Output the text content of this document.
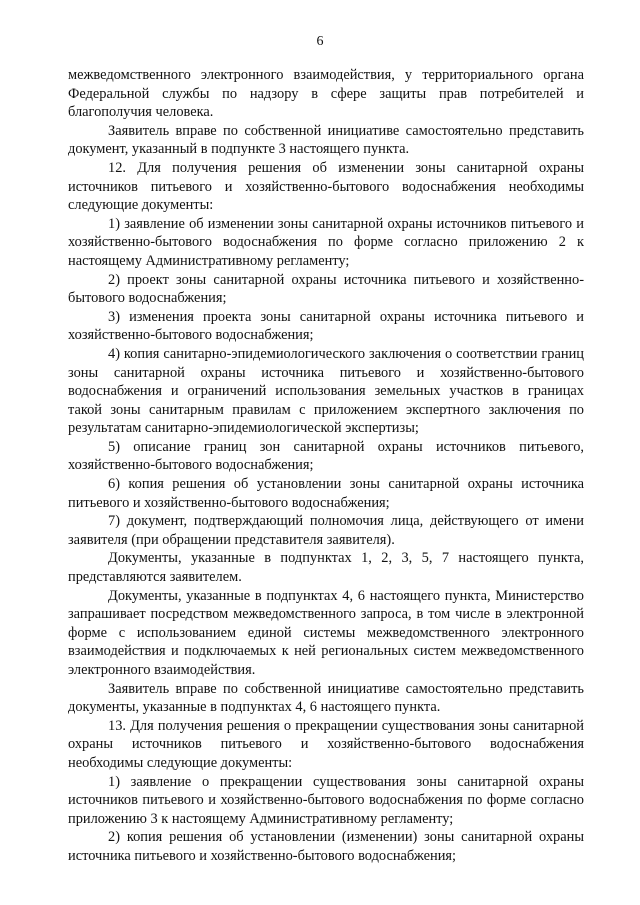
6

межведомственного электронного взаимодействия, у территориального органа Федеральной службы по надзору в сфере защиты прав потребителей и благополучия человека.

Заявитель вправе по собственной инициативе самостоятельно представить документ, указанный в подпункте 3 настоящего пункта.

12. Для получения решения об изменении зоны санитарной охраны источников питьевого и хозяйственно-бытового водоснабжения необходимы следующие документы:

1) заявление об изменении зоны санитарной охраны источников питьевого и хозяйственно-бытового водоснабжения по форме согласно приложению 2 к настоящему Административному регламенту;

2) проект зоны санитарной охраны источника питьевого и хозяйственно-бытового водоснабжения;

3) изменения проекта зоны санитарной охраны источника питьевого и хозяйственно-бытового водоснабжения;

4) копия санитарно-эпидемиологического заключения о соответствии границ зоны санитарной охраны источника питьевого и хозяйственно-бытового водоснабжения и ограничений использования земельных участков в границах такой зоны санитарным правилам с приложением экспертного заключения по результатам санитарно-эпидемиологической экспертизы;

5) описание границ зон санитарной охраны источников питьевого, хозяйственно-бытового водоснабжения;

6) копия решения об установлении зоны санитарной охраны источника питьевого и хозяйственно-бытового водоснабжения;

7) документ, подтверждающий полномочия лица, действующего от имени заявителя (при обращении представителя заявителя).

Документы, указанные в подпунктах 1, 2, 3, 5, 7 настоящего пункта, представляются заявителем.

Документы, указанные в подпунктах 4, 6 настоящего пункта, Министерство запрашивает посредством межведомственного запроса, в том числе в электронной форме с использованием единой системы межведомственного электронного взаимодействия и подключаемых к ней региональных систем межведомственного электронного взаимодействия.

Заявитель вправе по собственной инициативе самостоятельно представить документы, указанные в подпунктах 4, 6 настоящего пункта.

13. Для получения решения о прекращении существования зоны санитарной охраны источников питьевого и хозяйственно-бытового водоснабжения необходимы следующие документы:

1) заявление о прекращении существования зоны санитарной охраны источников питьевого и хозяйственно-бытового водоснабжения по форме согласно приложению 3 к настоящему Административному регламенту;

2) копия решения об установлении (изменении) зоны санитарной охраны источника питьевого и хозяйственно-бытового водоснабжения;
